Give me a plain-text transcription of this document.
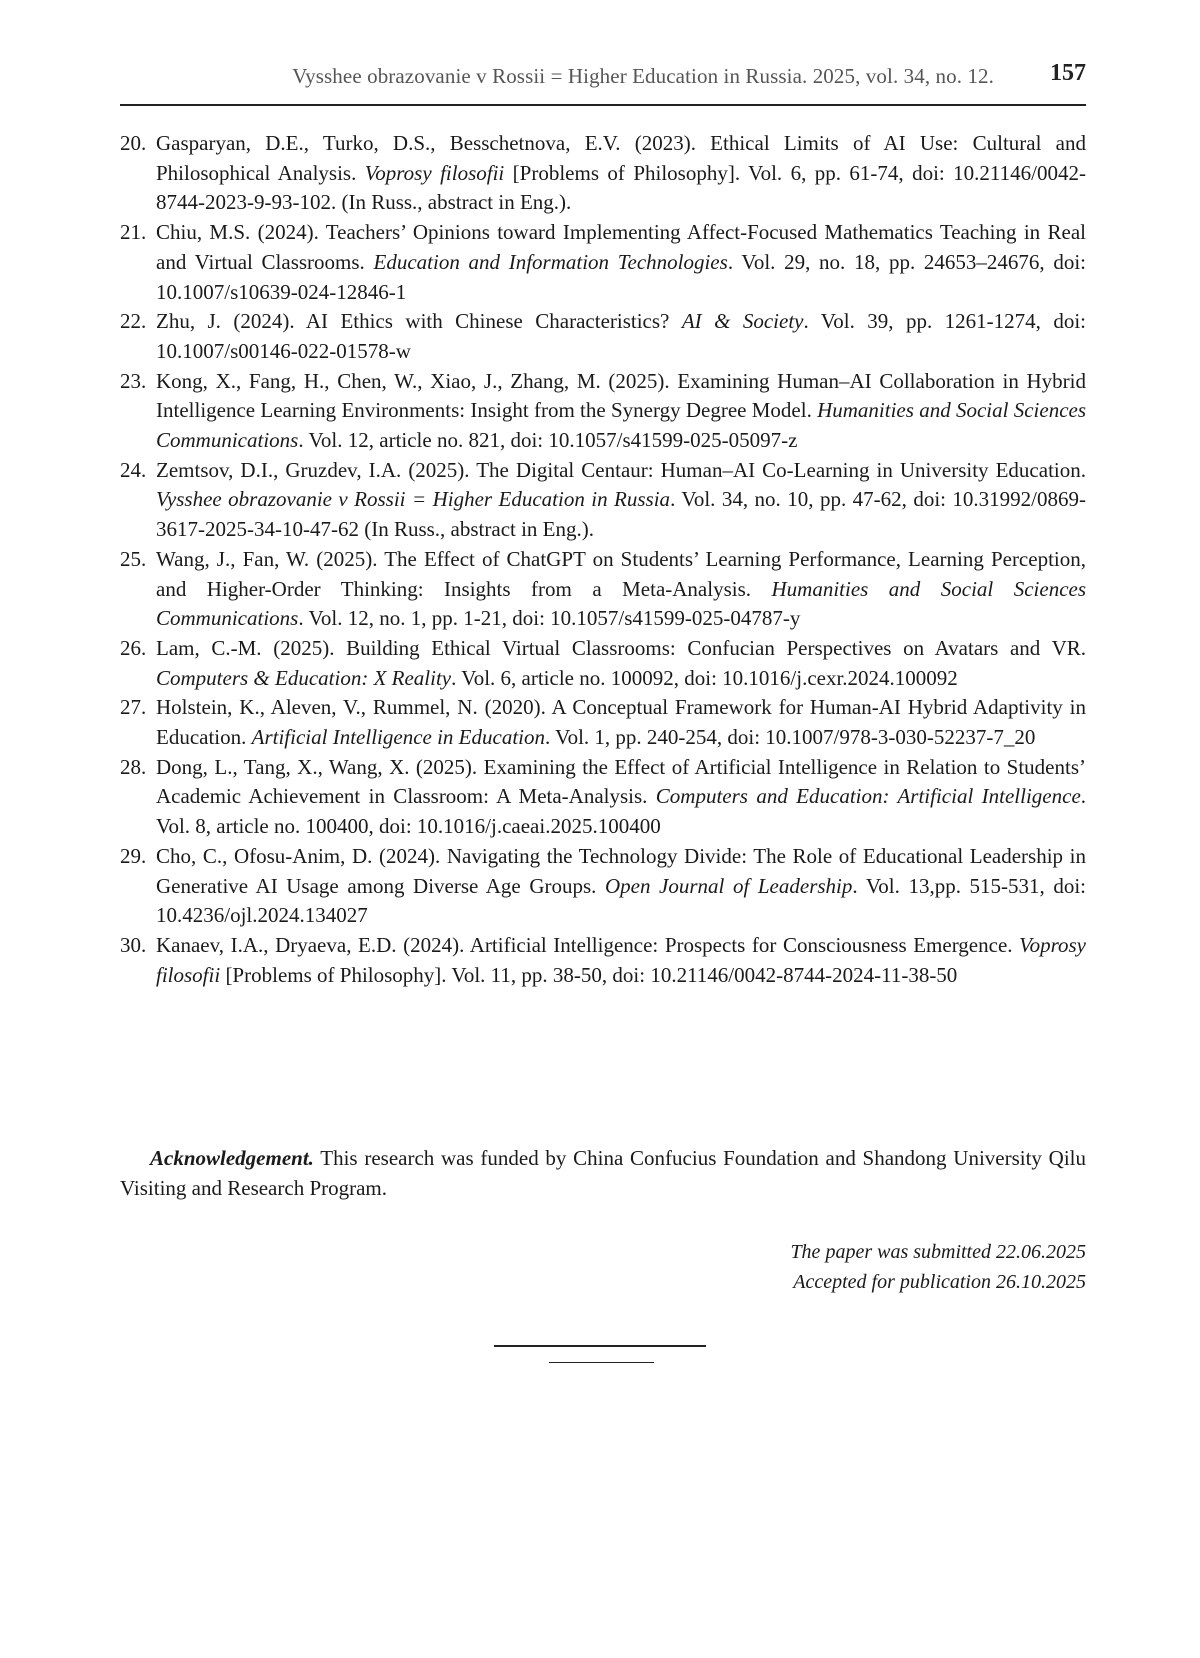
Vysshee obrazovanie v Rossii = Higher Education in Russia. 2025, vol. 34, no. 12. 157
20. Gasparyan, D.E., Turko, D.S., Besschetnova, E.V. (2023). Ethical Limits of AI Use: Cultural and Philosophical Analysis. Voprosy filosofii [Problems of Philosophy]. Vol. 6, pp. 61-74, doi: 10.21146/0042-8744-2023-9-93-102. (In Russ., abstract in Eng.).
21. Chiu, M.S. (2024). Teachers’ Opinions toward Implementing Affect-Focused Mathematics Teaching in Real and Virtual Classrooms. Education and Information Technologies. Vol. 29, no. 18, pp. 24653–24676, doi: 10.1007/s10639-024-12846-1
22. Zhu, J. (2024). AI Ethics with Chinese Characteristics? AI & Society. Vol. 39, pp. 1261-1274, doi: 10.1007/s00146-022-01578-w
23. Kong, X., Fang, H., Chen, W., Xiao, J., Zhang, M. (2025). Examining Human–AI Collaboration in Hybrid Intelligence Learning Environments: Insight from the Synergy Degree Model. Humanities and Social Sciences Communications. Vol. 12, article no. 821, doi: 10.1057/s41599-025-05097-z
24. Zemtsov, D.I., Gruzdev, I.A. (2025). The Digital Centaur: Human–AI Co-Learning in University Education. Vysshee obrazovanie v Rossii = Higher Education in Russia. Vol. 34, no. 10, pp. 47-62, doi: 10.31992/0869-3617-2025-34-10-47-62 (In Russ., abstract in Eng.).
25. Wang, J., Fan, W. (2025). The Effect of ChatGPT on Students’ Learning Performance, Learning Perception, and Higher-Order Thinking: Insights from a Meta-Analysis. Humanities and Social Sciences Communications. Vol. 12, no. 1, pp. 1-21, doi: 10.1057/s41599-025-04787-y
26. Lam, C.-M. (2025). Building Ethical Virtual Classrooms: Confucian Perspectives on Avatars and VR. Computers & Education: X Reality. Vol. 6, article no. 100092, doi: 10.1016/j.cexr.2024.100092
27. Holstein, K., Aleven, V., Rummel, N. (2020). A Conceptual Framework for Human-AI Hybrid Adaptivity in Education. Artificial Intelligence in Education. Vol. 1, pp. 240-254, doi: 10.1007/978-3-030-52237-7_20
28. Dong, L., Tang, X., Wang, X. (2025). Examining the Effect of Artificial Intelligence in Relation to Students’ Academic Achievement in Classroom: A Meta-Analysis. Computers and Education: Artificial Intelligence. Vol. 8, article no. 100400, doi: 10.1016/j.caeai.2025.100400
29. Cho, C., Ofosu-Anim, D. (2024). Navigating the Technology Divide: The Role of Educational Leadership in Generative AI Usage among Diverse Age Groups. Open Journal of Leadership. Vol. 13,pp. 515-531, doi: 10.4236/ojl.2024.134027
30. Kanaev, I.A., Dryaeva, E.D. (2024). Artificial Intelligence: Prospects for Consciousness Emergence. Voprosy filosofii [Problems of Philosophy]. Vol. 11, pp. 38-50, doi: 10.21146/0042-8744-2024-11-38-50

Acknowledgement. This research was funded by China Confucius Foundation and Shandong University Qilu Visiting and Research Program.

The paper was submitted 22.06.2025
Accepted for publication 26.10.2025
